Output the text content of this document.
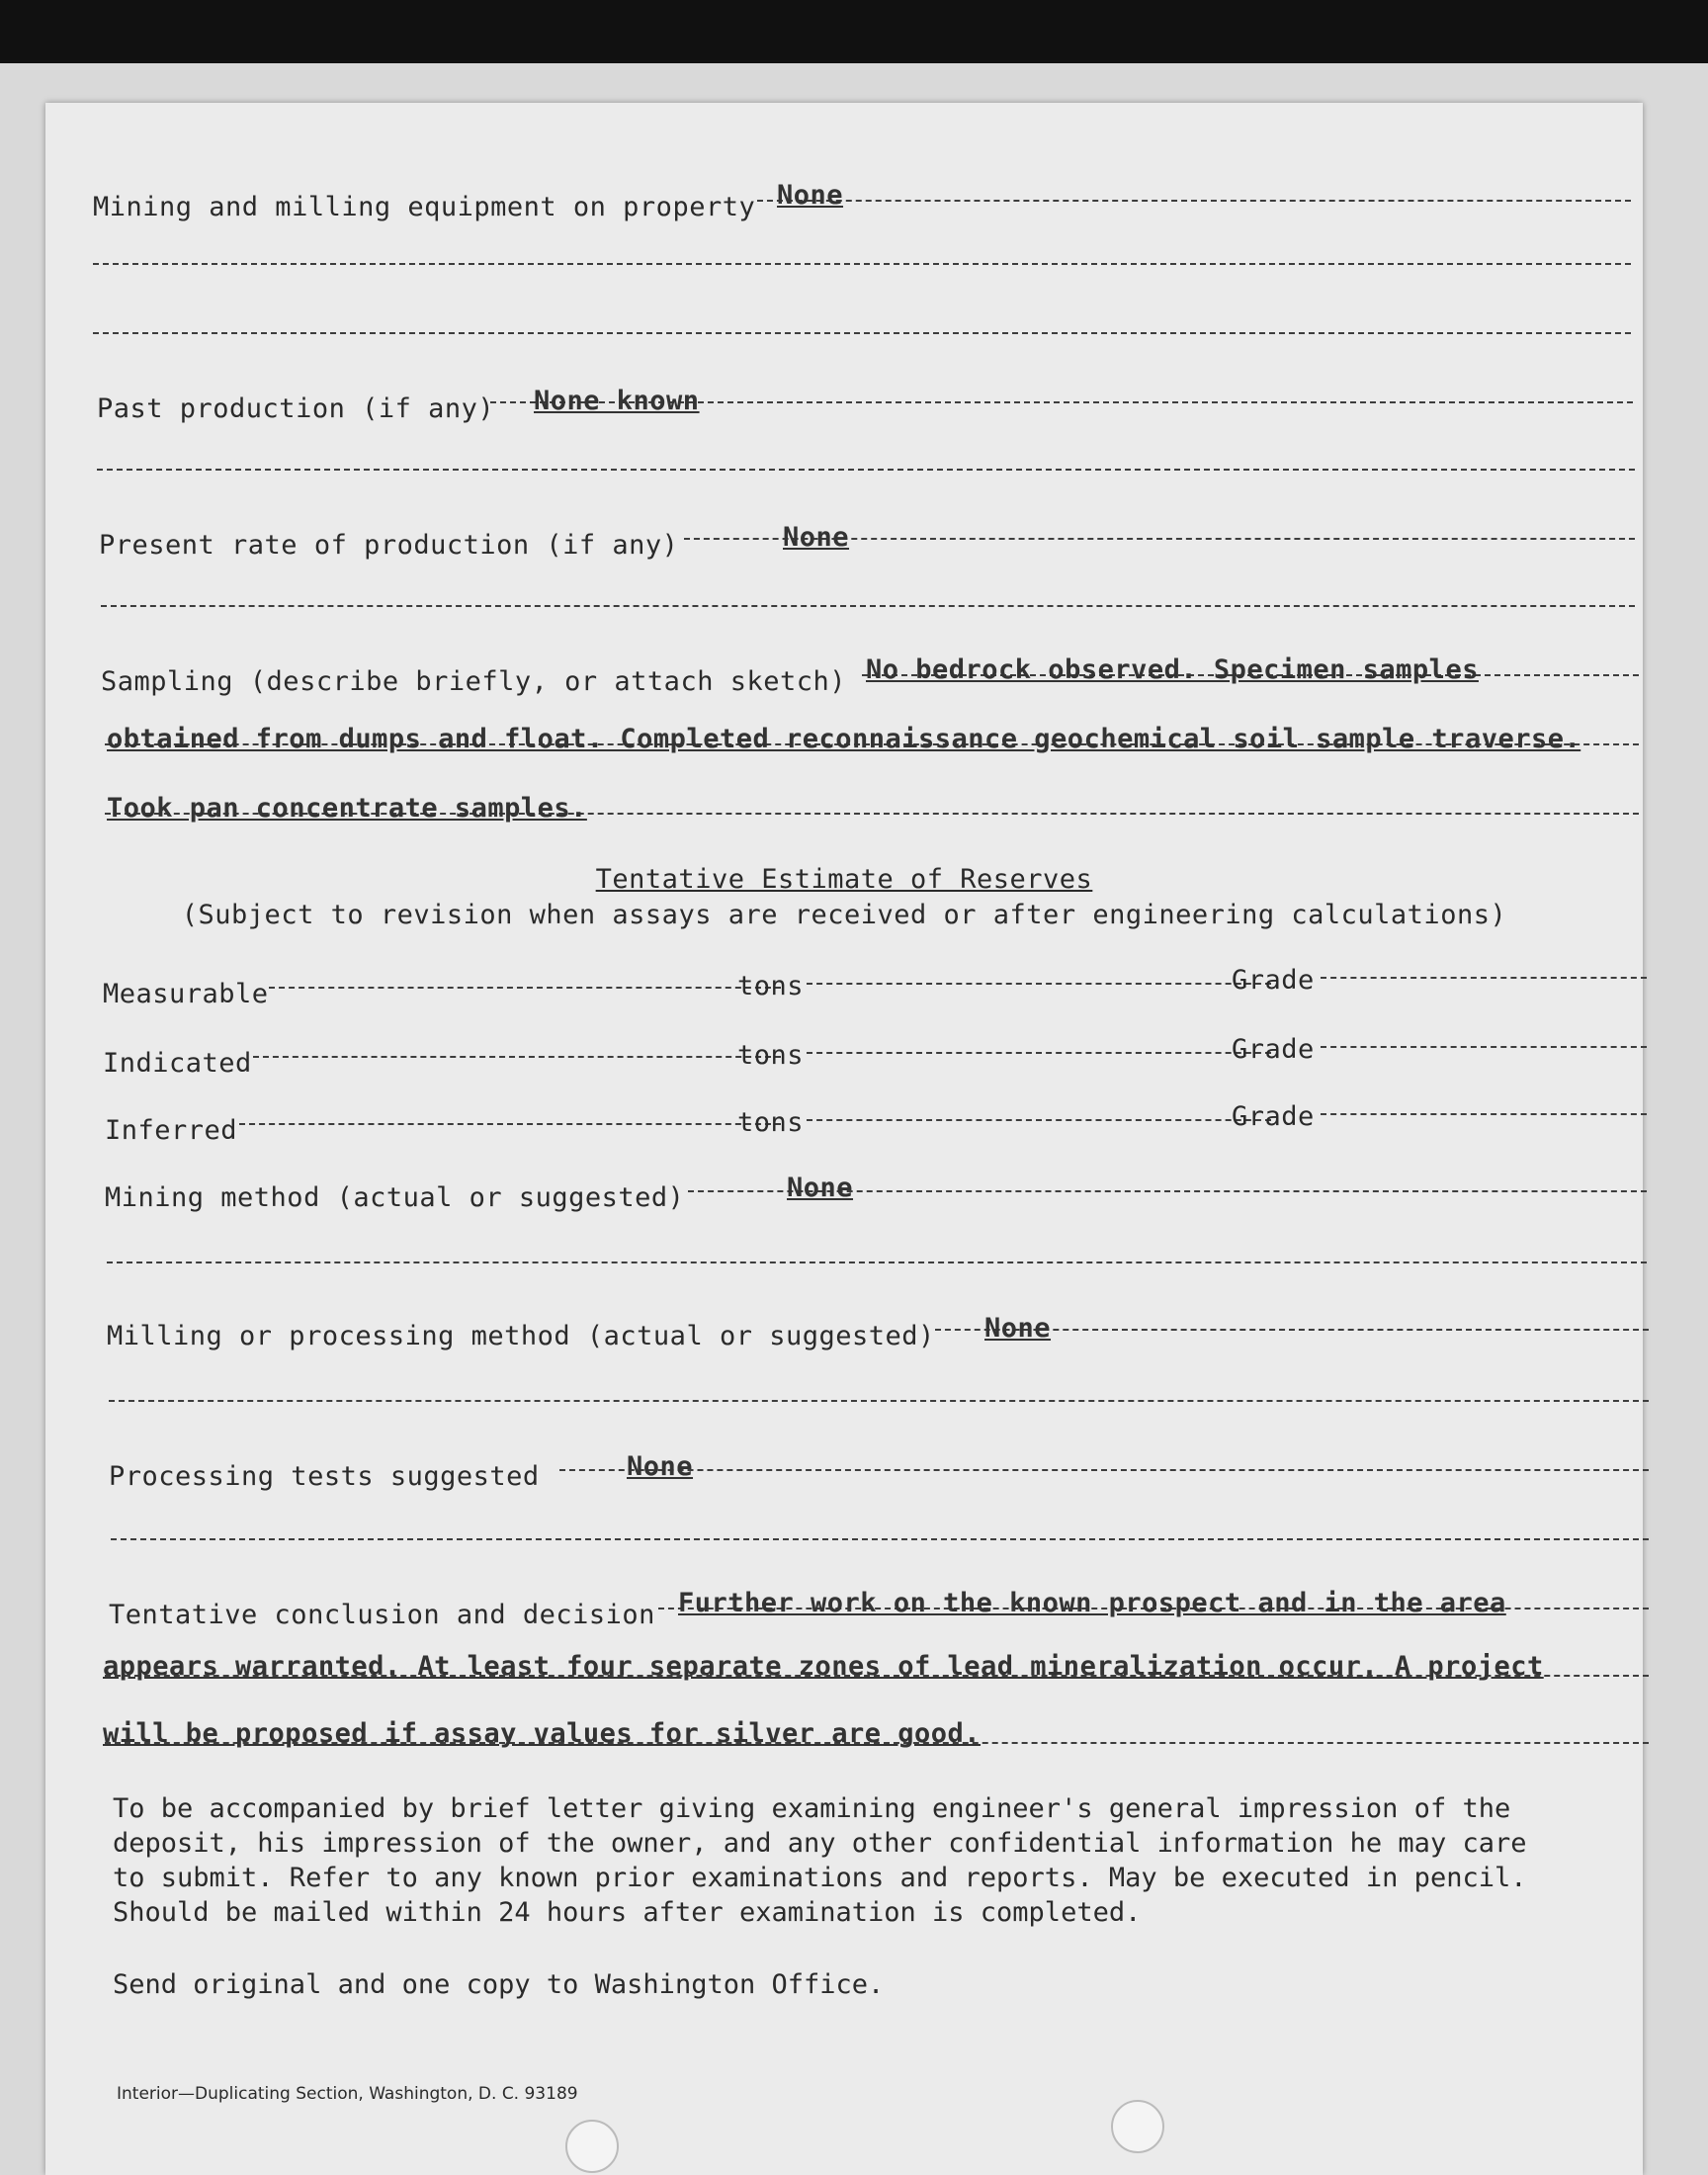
Mining and milling equipment on property None
Past production (if any) None known
Present rate of production (if any)	None
Sampling (describe briefly, or attach sketch) No bedrock observed. Specimen samples
obtained from dumps and float. Completed reconnaissance geochemical soil sample traverse.
Took pan concentrate samples.
Tentative Estimate of Reserves
(Subject to revision when assays are received or after engineering calculations)
Measurable	tons	Grade
Indicated	tons	Grade
Inferred	tons	Grade
Mining method (actual or suggested)	None
Milling or processing method (actual or suggested) None
Processing tests suggested	None
Tentative conclusion and decision Further work on the known prospect and in the area
appears warranted. At least four separate zones of lead mineralization occur. A project
will be proposed if assay values for silver are good.
To be accompanied by brief letter giving examining engineer's general impression of the
deposit, his impression of the owner, and any other confidential information he may care
to submit. Refer to any known prior examinations and reports. May be executed in pencil.
Should be mailed within 24 hours after examination is completed.
Send original and one copy to Washington Office.
Interior—Duplicating Section, Washington, D. C. 93189
